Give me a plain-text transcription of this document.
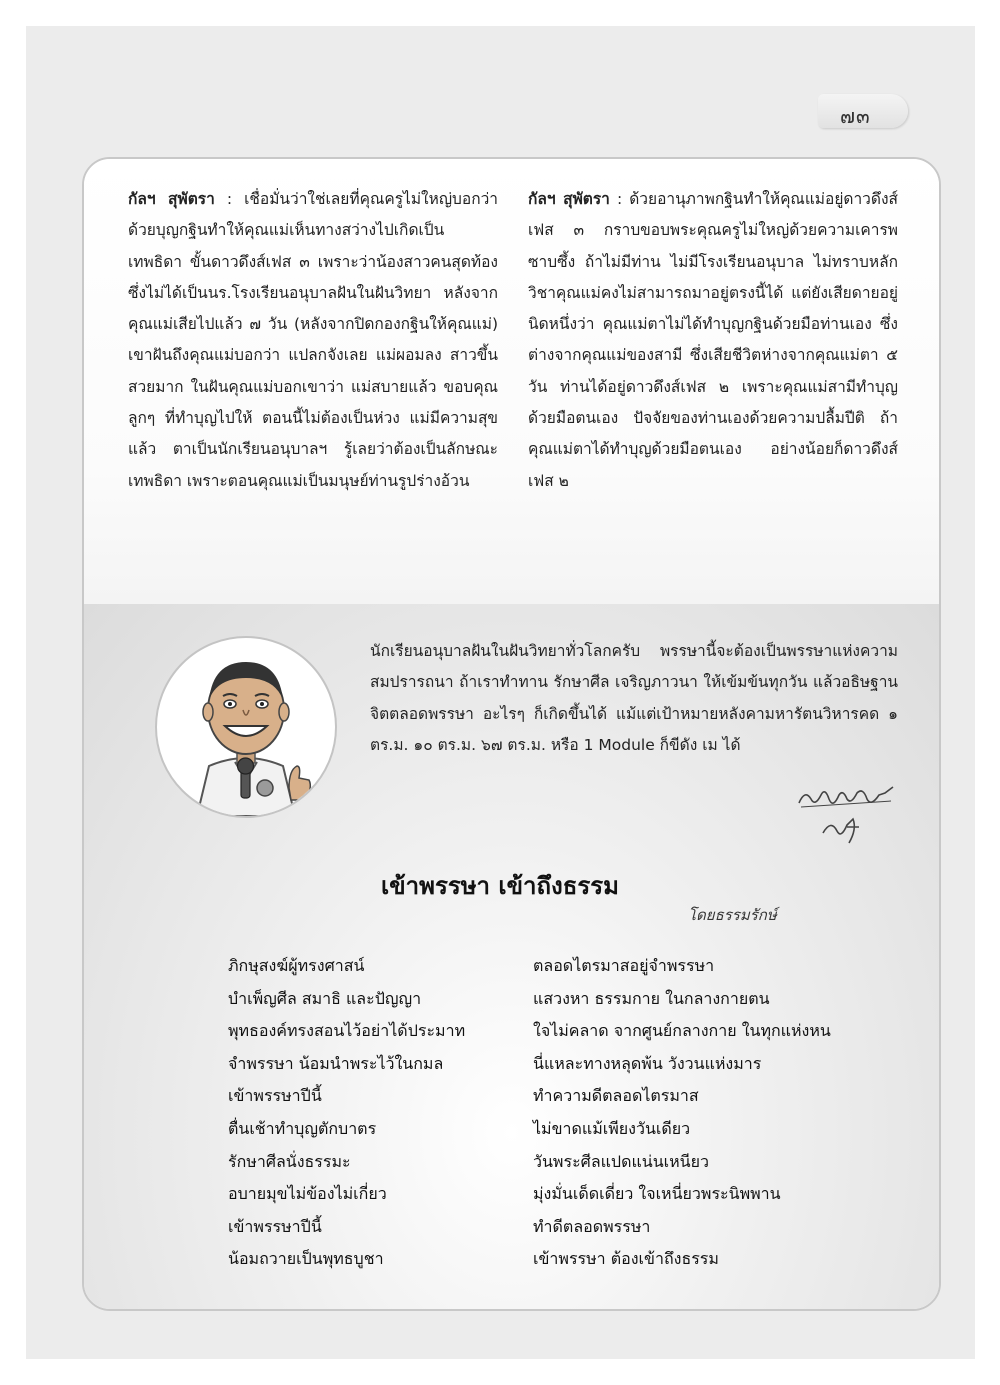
๗๓
กัลฯ สุพัตรา : เชื่อมั่นว่าใช่เลยที่คุณครูไม่ใหญ่บอกว่า ด้วยบุญกฐินทำให้คุณแม่เห็นทางสว่างไปเกิดเป็นเทพธิดา ขั้นดาวดึงส์เฟส ๓ เพราะว่าน้องสาวคนสุดท้องซึ่งไม่ได้เป็นนร.โรงเรียนอนุบาลฝันในฝันวิทยา หลังจากคุณแม่เสียไปแล้ว ๗ วัน (หลังจากปิดกองกฐินให้คุณแม่) เขาฝันถึงคุณแม่บอกว่า แปลกจังเลย แม่ผอมลง สาวขึ้น สวยมาก ในฝันคุณแม่บอกเขาว่า แม่สบายแล้ว ขอบคุณลูกๆ ที่ทำบุญไปให้ ตอนนี้ไม่ต้องเป็นห่วง แม่มีความสุขแล้ว ตาเป็นนักเรียนอนุบาลฯ รู้เลยว่าต้องเป็นลักษณะเทพธิดา เพราะตอนคุณแม่เป็นมนุษย์ท่านรูปร่างอ้วน
กัลฯ สุพัตรา : ด้วยอานุภาพกฐินทำให้คุณแม่อยู่ดาวดึงส์เฟส ๓ กราบขอบพระคุณครูไม่ใหญ่ด้วยความเคารพซาบซึ้ง ถ้าไม่มีท่าน ไม่มีโรงเรียนอนุบาล ไม่ทราบหลักวิชาคุณแม่คงไม่สามารถมาอยู่ตรงนี้ได้ แต่ยังเสียดายอยู่นิดหนึ่งว่า คุณแม่ตาไม่ได้ทำบุญกฐินด้วยมือท่านเอง ซึ่งต่างจากคุณแม่ของสามี ซึ่งเสียชีวิตห่างจากคุณแม่ตา ๕ วัน ท่านได้อยู่ดาวดึงส์เฟส ๒ เพราะคุณแม่สามีทำบุญด้วยมือตนเอง ปัจจัยของท่านเองด้วยความปลื้มปีติ ถ้าคุณแม่ตาได้ทำบุญด้วยมือตนเอง อย่างน้อยก็ดาวดึงส์เฟส ๒
นักเรียนอนุบาลฝันในฝันวิทยาทั่วโลกครับ พรรษานี้จะต้องเป็นพรรษาแห่งความสมปรารถนา ถ้าเราทำทาน รักษาศีล เจริญภาวนา ให้เข้มข้นทุกวัน แล้วอธิษฐานจิตตลอดพรรษา อะไรๆ ก็เกิดขึ้นได้ แม้แต่เป้าหมายหลังคามหารัตนวิหารคด ๑ ตร.ม. ๑๐ ตร.ม. ๖๗ ตร.ม. หรือ 1 Module ก็ขีดัง เม ได้
เข้าพรรษา เข้าถึงธรรม
โดยธรรมรักษ์
ภิกษุสงฆ์ผู้ทรงศาสน์
บำเพ็ญศีล สมาธิ และปัญญา
พุทธองค์ทรงสอนไว้อย่าได้ประมาท
จำพรรษา น้อมนำพระไว้ในกมล
เข้าพรรษาปีนี้
ตื่นเช้าทำบุญตักบาตร
รักษาศีลนั่งธรรมะ
อบายมุขไม่ข้องไม่เกี่ยว
เข้าพรรษาปีนี้
น้อมถวายเป็นพุทธบูชา
ตลอดไตรมาสอยู่จำพรรษา
แสวงหา ธรรมกาย ในกลางกายตน
ใจไม่คลาด จากศูนย์กลางกาย ในทุกแห่งหน
นี่แหละทางหลุดพ้น วังวนแห่งมาร
ทำความดีตลอดไตรมาส
ไม่ขาดแม้เพียงวันเดียว
วันพระศีลแปดแน่นเหนียว
มุ่งมั่นเด็ดเดี่ยว ใจเหนี่ยวพระนิพพาน
ทำดีตลอดพรรษา
เข้าพรรษา ต้องเข้าถึงธรรม
